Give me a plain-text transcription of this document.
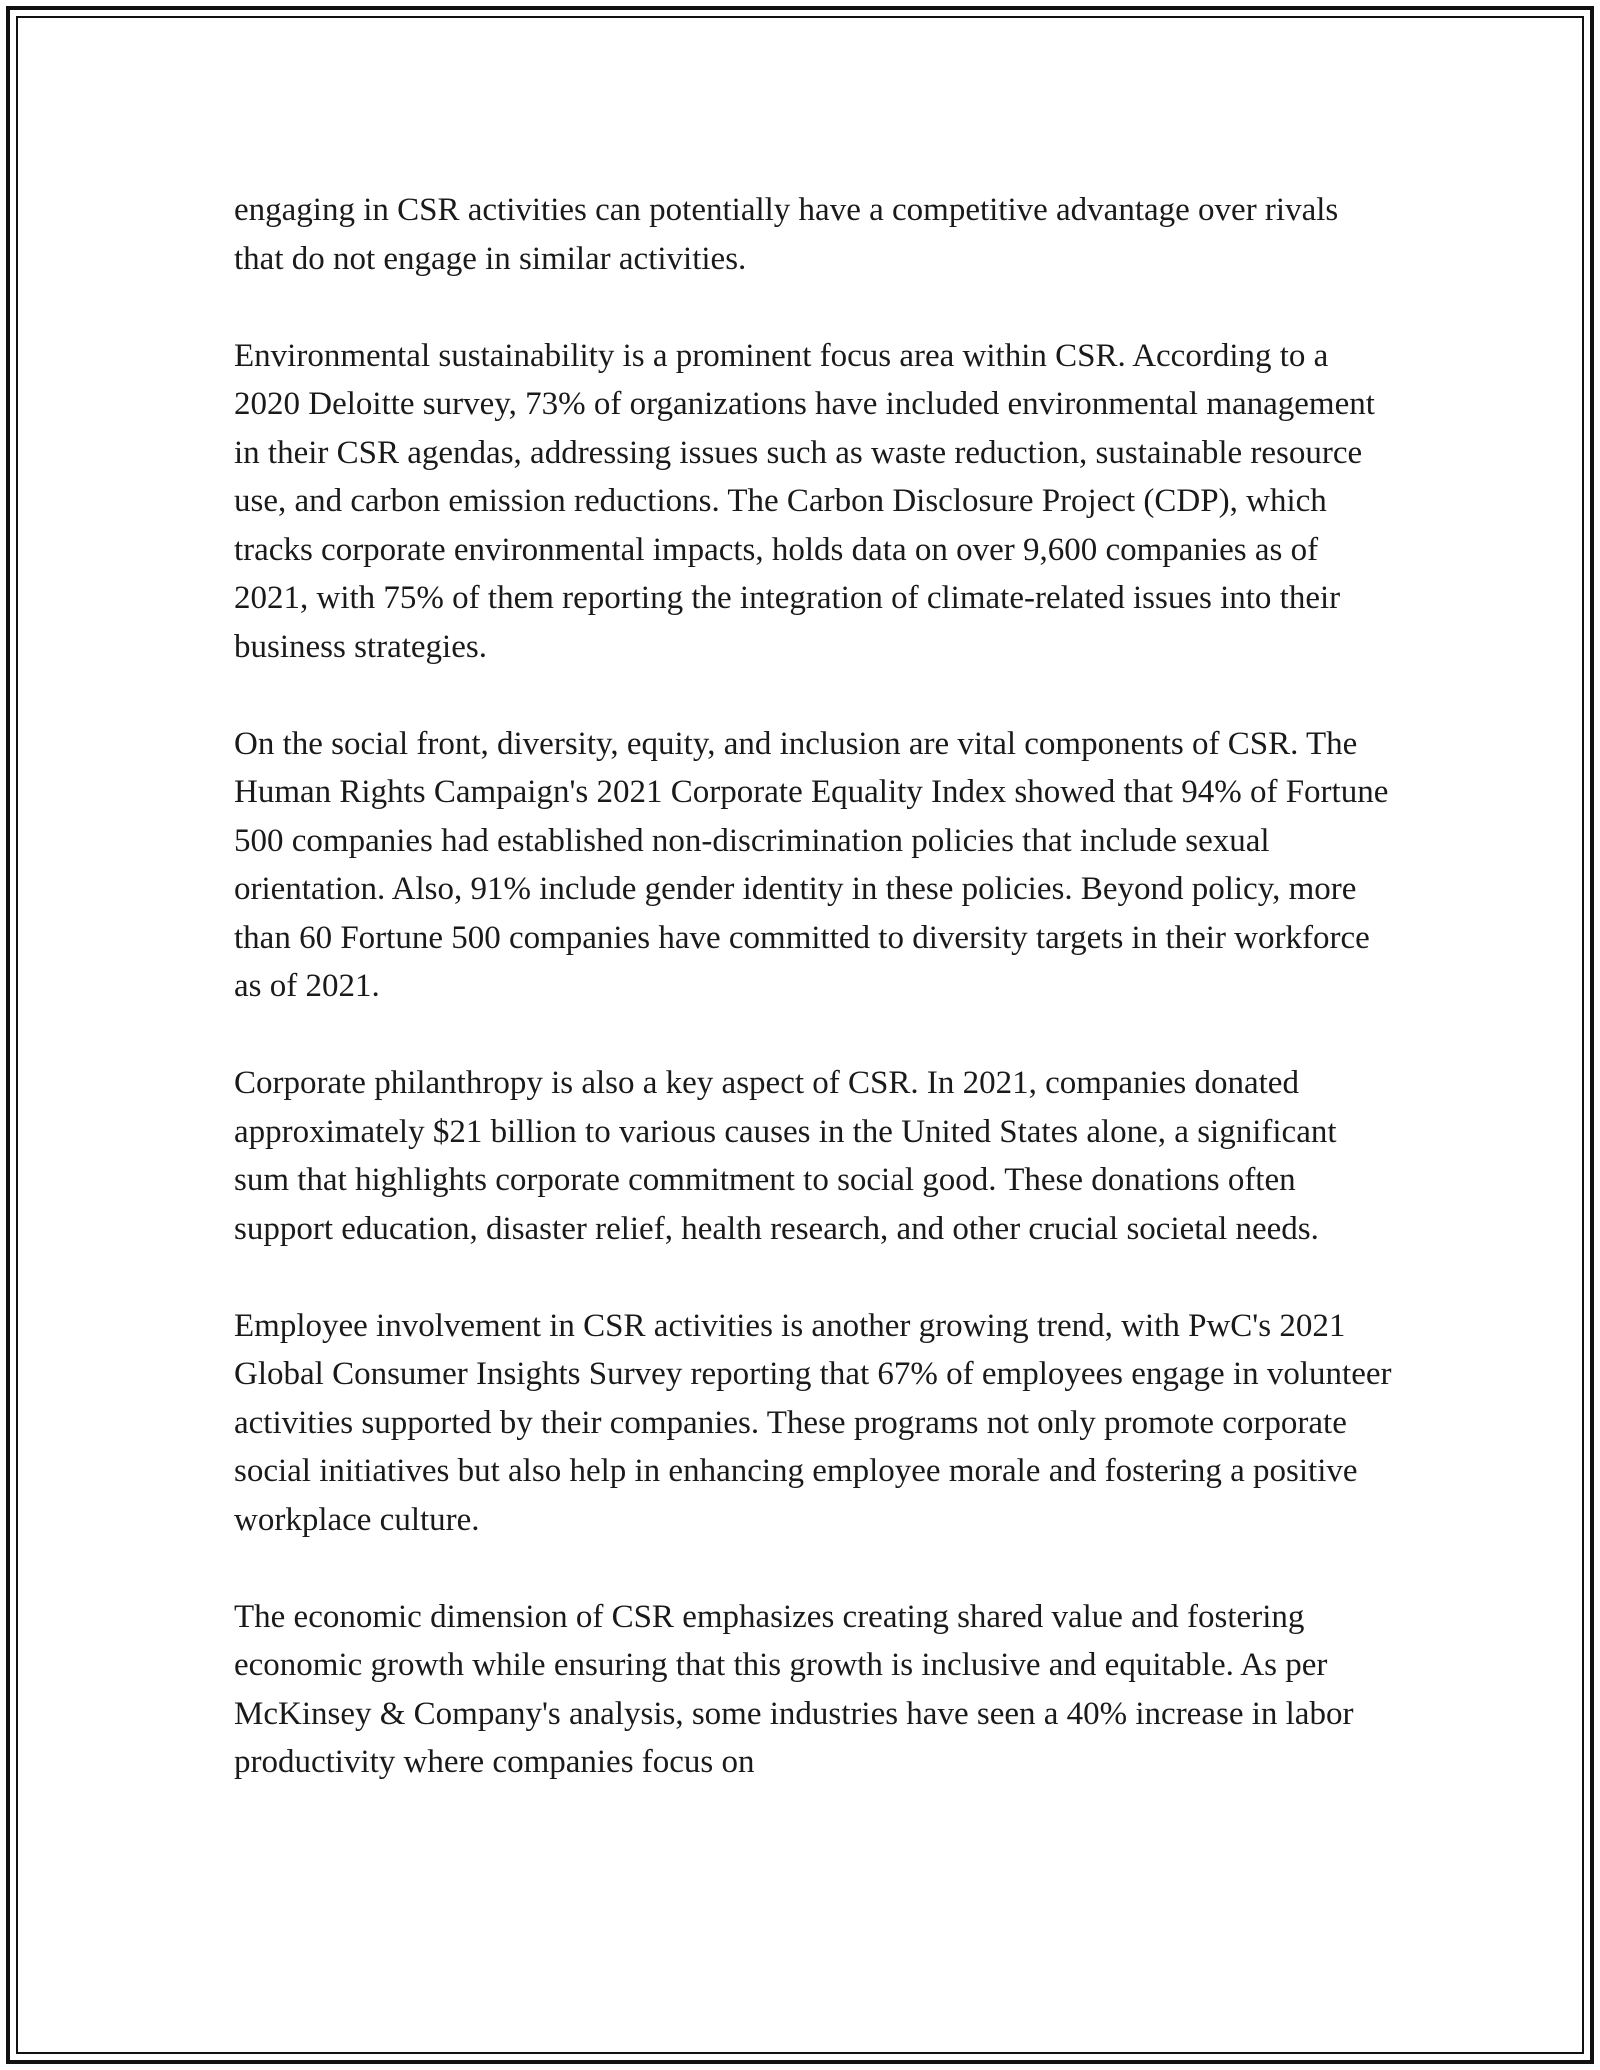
engaging in CSR activities can potentially have a competitive advantage over rivals that do not engage in similar activities.

Environmental sustainability is a prominent focus area within CSR. According to a 2020 Deloitte survey, 73% of organizations have included environmental management in their CSR agendas, addressing issues such as waste reduction, sustainable resource use, and carbon emission reductions. The Carbon Disclosure Project (CDP), which tracks corporate environmental impacts, holds data on over 9,600 companies as of 2021, with 75% of them reporting the integration of climate-related issues into their business strategies.

On the social front, diversity, equity, and inclusion are vital components of CSR. The Human Rights Campaign's 2021 Corporate Equality Index showed that 94% of Fortune 500 companies had established non-discrimination policies that include sexual orientation. Also, 91% include gender identity in these policies. Beyond policy, more than 60 Fortune 500 companies have committed to diversity targets in their workforce as of 2021.

Corporate philanthropy is also a key aspect of CSR. In 2021, companies donated approximately $21 billion to various causes in the United States alone, a significant sum that highlights corporate commitment to social good. These donations often support education, disaster relief, health research, and other crucial societal needs.

Employee involvement in CSR activities is another growing trend, with PwC's 2021 Global Consumer Insights Survey reporting that 67% of employees engage in volunteer activities supported by their companies. These programs not only promote corporate social initiatives but also help in enhancing employee morale and fostering a positive workplace culture.

The economic dimension of CSR emphasizes creating shared value and fostering economic growth while ensuring that this growth is inclusive and equitable. As per McKinsey & Company's analysis, some industries have seen a 40% increase in labor productivity where companies focus on
